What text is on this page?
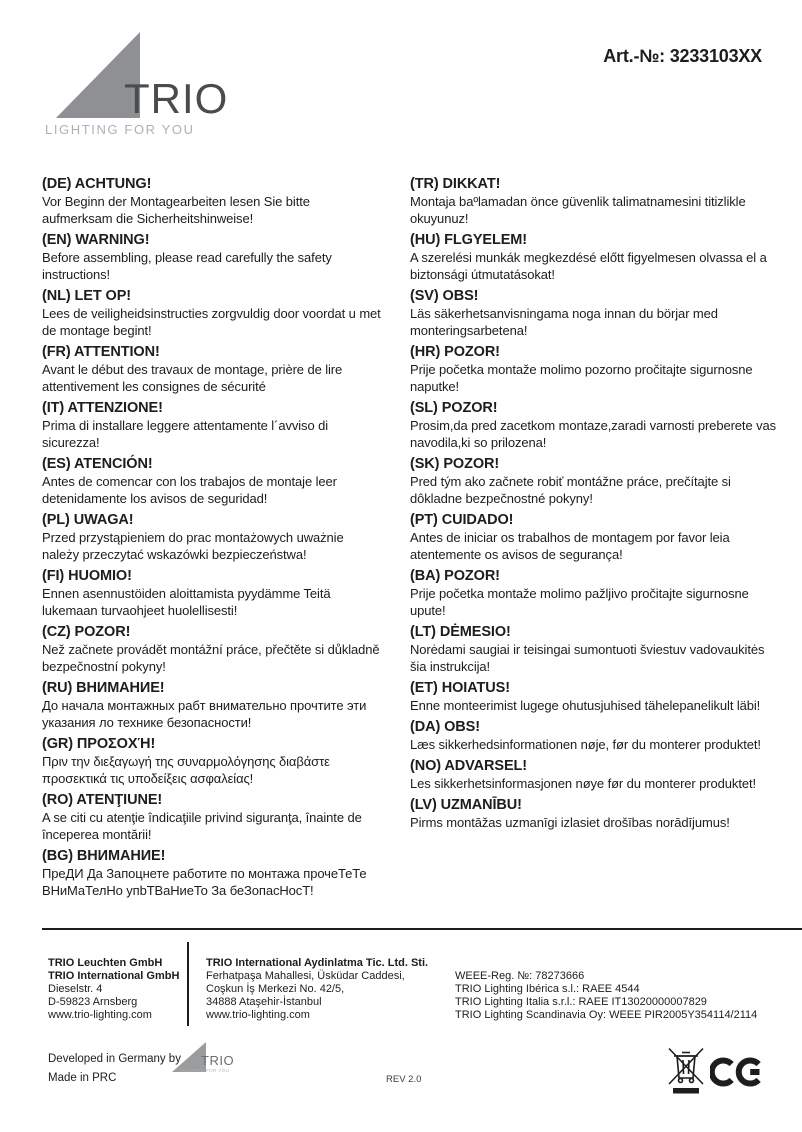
TRIO
LIGHTING FOR YOU
Art.-№: 3233103XX
(DE) ACHTUNG!
Vor Beginn der Montagearbeiten lesen Sie bitte aufmerksam die Sicherheitshinweise!
(EN) WARNING!
Before assembling, please read carefully the safety instructions!
(NL) LET OP!
Lees de veiligheidsinstructies zorgvuldig door voordat u met de montage begint!
(FR) ATTENTION!
Avant le début des travaux de montage, prière de lire attentivement les consignes de sécurité
(IT) ATTENZIONE!
Prima di installare leggere attentamente l´avviso di sicurezza!
(ES) ATENCIÓN!
Antes de comencar con los trabajos de montaje leer detenidamente los avisos de seguridad!
(PL) UWAGA!
Przed przystąpieniem do prac montażowych uważnie należy przeczytać wskazówki bezpieczeństwa!
(FI) HUOMIO!
Ennen asennustöiden aloittamista pyydämme Teitä lukemaan turvaohjeet huolellisesti!
(CZ) POZOR!
Než začnete provádět montážní práce, přečtěte si důkladně bezpečnostní pokyny!
(RU) ВНИМАНИЕ!
До начала монтажных рабт внимательно прочтите эти указания ло технике безопасности!
(GR) ΠΡΟΣΟΧΉ!
Πριν την διεξαγωγή της συναρμολόγησης διαβάστε προσεκτικά τις υποδείξεις ασφαλείας!
(RO) ATENŢIUNE!
A se citi cu atenţie îndicaţiile privind siguranţa, înainte de începerea montării!
(BG) ВНИМАНИЕ!
ПреДИ Да Запоцнете работите по монтажа прочеТеТе ВНиМаТелНо упbТВаНиеТо За беЗопасНосТ!
(TR) DIKKAT!
Montaja baºlamadan önce güvenlik talimatnamesini titizlikle okuyunuz!
(HU) FLGYELEM!
A szerelési munkák megkezdésé előtt figyelmesen olvassa el a biztonsági útmutatásokat!
(SV) OBS!
Läs säkerhetsanvisningama noga innan du börjar med monteringsarbetena!
(HR) POZOR!
Prije početka montaže molimo pozorno pročitajte sigurnosne naputke!
(SL) POZOR!
Prosim,da pred zacetkom montaze,zaradi varnosti preberete vas navodila,ki so prilozena!
(SK) POZOR!
Pred tým ako začnete robiť montážne práce, prečítajte si dôkladne bezpečnostné pokyny!
(PT) CUIDADO!
Antes de iniciar os trabalhos de montagem por favor leia atentemente os avisos de segurança!
(BA) POZOR!
Prije početka montaže molimo pažljivo pročitajte sigurnosne upute!
(LT) DĖMESIO!
Norėdami saugiai ir teisingai sumontuoti šviestuv vadovaukitės šia instrukcija!
(ET) HOIATUS!
Enne monteerimist lugege ohutusjuhised tähelepanelikult läbi!
(DA) OBS!
Læs sikkerhedsinformationen nøje, før du monterer produktet!
(NO) ADVARSEL!
Les sikkerhetsinformasjonen nøye før du monterer produktet!
(LV) UZMANĪBU!
Pirms montāžas uzmanīgi izlasiet drošības norādījumus!
TRIO Leuchten GmbH
TRIO International GmbH
Dieselstr. 4
D-59823 Arnsberg
www.trio-lighting.com
TRIO International Aydinlatma Tic. Ltd. Sti.
Ferhatpaşa Mahallesi, Üsküdar Caddesi,
Coşkun İş Merkezi No. 42/5,
34888 Ataşehir-İstanbul
www.trio-lighting.com
WEEE-Reg. №: 78273666
TRIO Lighting Ibérica s.l.: RAEE 4544
TRIO Lighting Italia s.r.l.: RAEE IT13020000007829
TRIO Lighting Scandinavia Oy: WEEE PIR2005Y354114/2114
Developed in Germany by
Made in PRC
TRIO
LIGHTING FOR YOU
REV 2.0
